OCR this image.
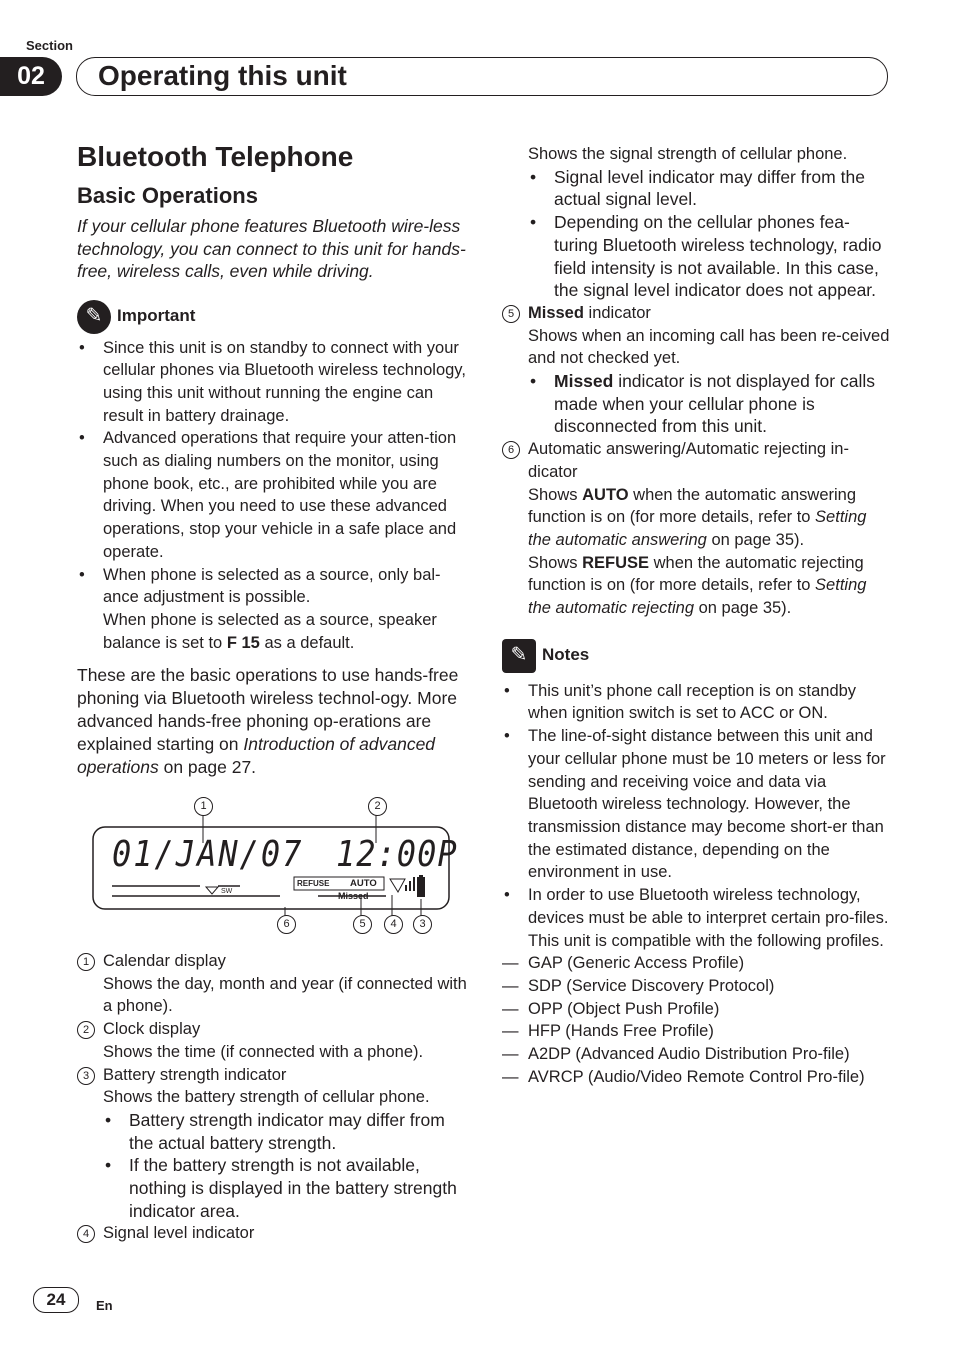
Section
02	Operating this unit
Bluetooth Telephone
Basic Operations
If your cellular phone features Bluetooth wire-less technology, you can connect to this unit for hands-free, wireless calls, even while driving.
✎ Important
• Since this unit is on standby to connect with your cellular phones via Bluetooth wireless technology, using this unit without running the engine can result in battery drainage.
• Advanced operations that require your atten-tion such as dialing numbers on the monitor, using phone book, etc., are prohibited while you are driving. When you need to use these advanced operations, stop your vehicle in a safe place and operate.
• When phone is selected as a source, only bal-ance adjustment is possible.
When phone is selected as a source, speaker balance is set to F 15 as a default.
These are the basic operations to use hands-free phoning via Bluetooth wireless technol-ogy. More advanced hands-free phoning op-erations are explained starting on Introduction of advanced operations on page 27.
01/JAN/07 12:00P
REFUSE AUTO
Missed
SW
1	2
6	5	4	3
1 Calendar display
Shows the day, month and year (if connected with a phone).
2 Clock display
Shows the time (if connected with a phone).
3 Battery strength indicator
Shows the battery strength of cellular phone.
• Battery strength indicator may differ from the actual battery strength.
• If the battery strength is not available, nothing is displayed in the battery strength indicator area.
4 Signal level indicator
Shows the signal strength of cellular phone.
• Signal level indicator may differ from the actual signal level.
• Depending on the cellular phones fea-turing Bluetooth wireless technology, radio field intensity is not available. In this case, the signal level indicator does not appear.
5 Missed indicator
Shows when an incoming call has been re-ceived and not checked yet.
• Missed indicator is not displayed for calls made when your cellular phone is disconnected from this unit.
6 Automatic answering/Automatic rejecting in-dicator
Shows AUTO when the automatic answering function is on (for more details, refer to Setting the automatic answering on page 35).
Shows REFUSE when the automatic rejecting function is on (for more details, refer to Setting the automatic rejecting on page 35).
✎ Notes
• This unit’s phone call reception is on standby when ignition switch is set to ACC or ON.
• The line-of-sight distance between this unit and your cellular phone must be 10 meters or less for sending and receiving voice and data via Bluetooth wireless technology. However, the transmission distance may become short-er than the estimated distance, depending on the environment in use.
• In order to use Bluetooth wireless technology, devices must be able to interpret certain pro-files. This unit is compatible with the following profiles.
— GAP (Generic Access Profile)
— SDP (Service Discovery Protocol)
— OPP (Object Push Profile)
— HFP (Hands Free Profile)
— A2DP (Advanced Audio Distribution Pro-file)
— AVRCP (Audio/Video Remote Control Pro-file)
24	En
